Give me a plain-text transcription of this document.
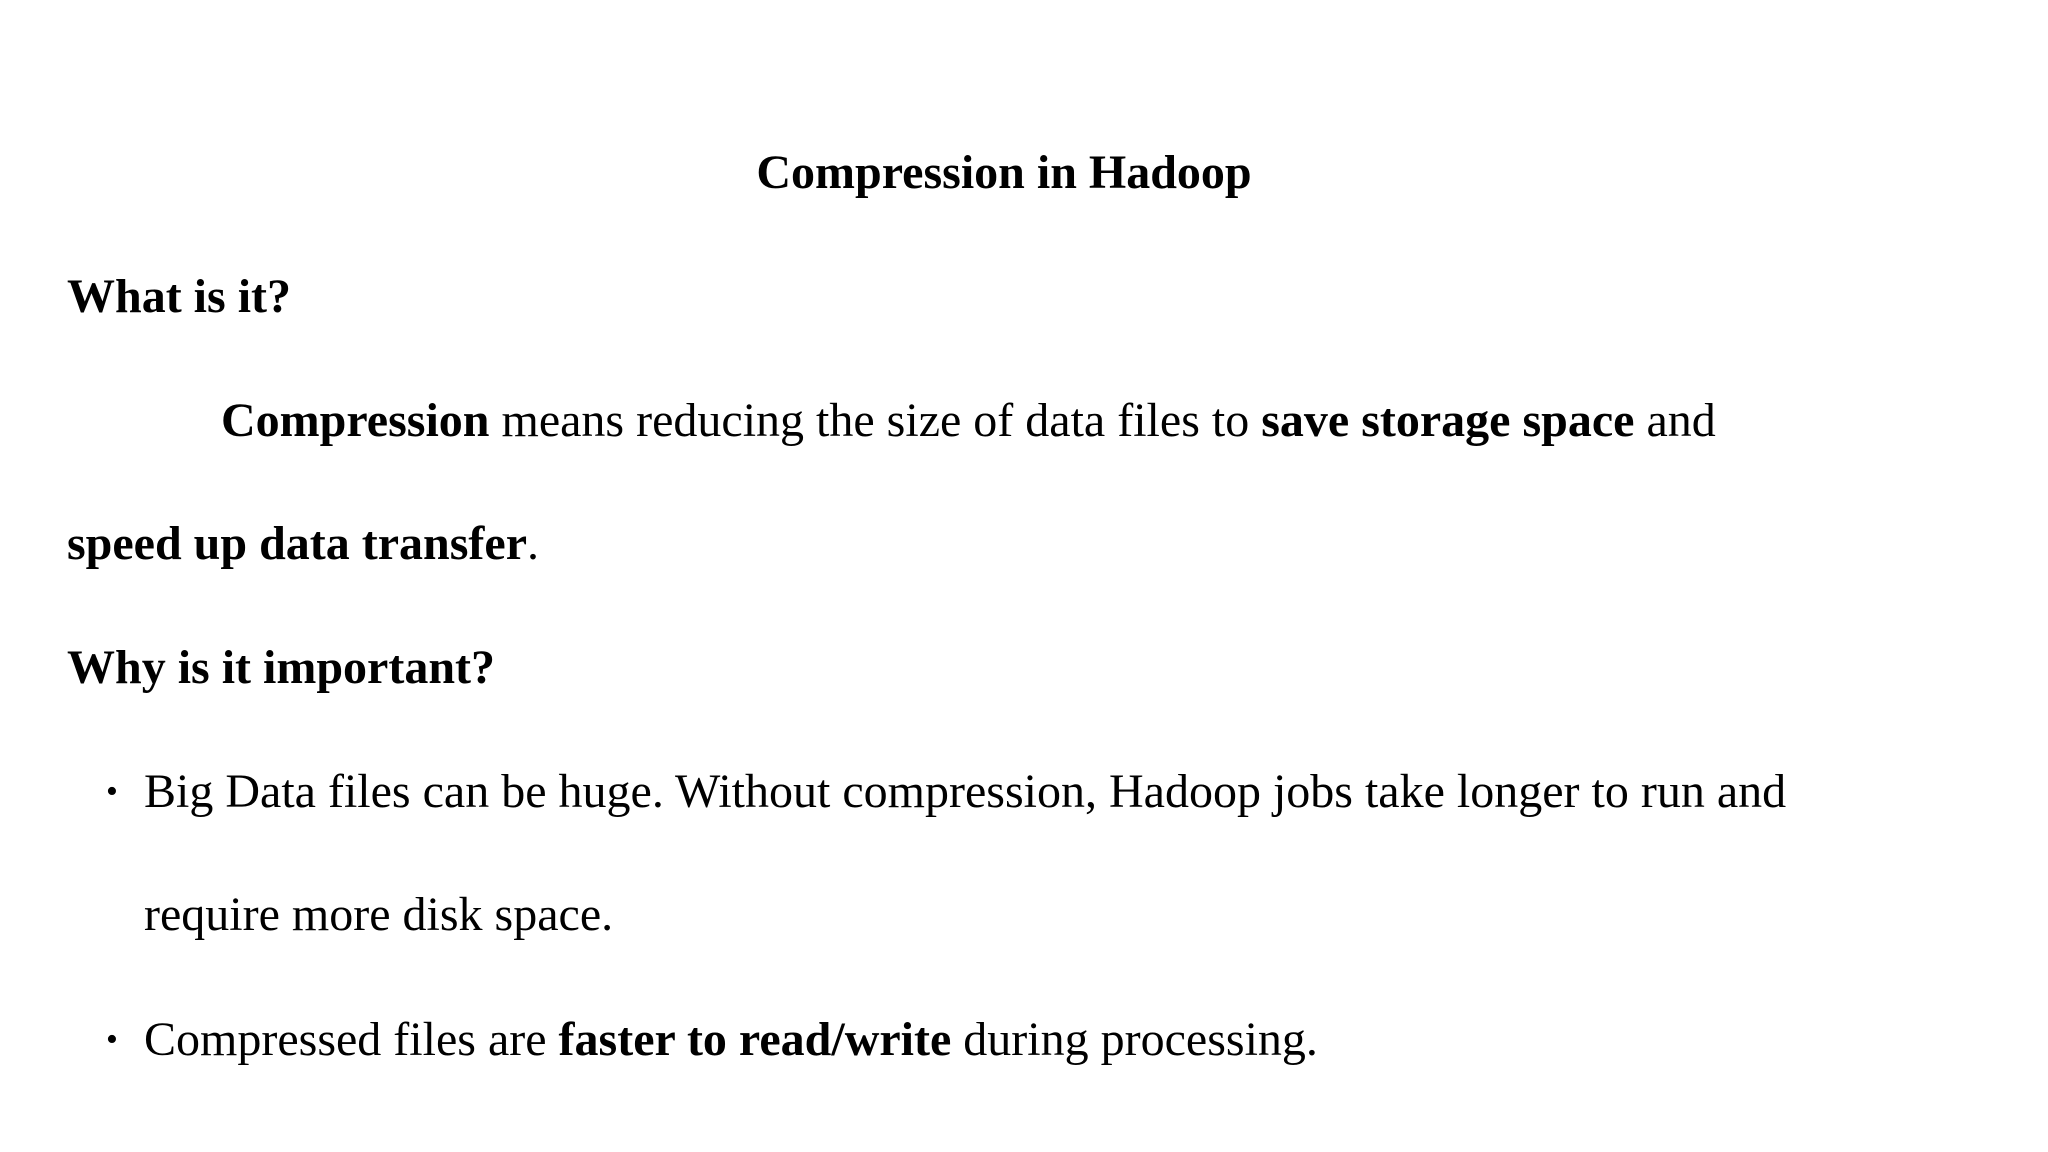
Compression in Hadoop
What is it?
Compression means reducing the size of data files to save storage space and
speed up data transfer.
Why is it important?
• Big Data files can be huge. Without compression, Hadoop jobs take longer to run and
require more disk space.
• Compressed files are faster to read/write during processing.
